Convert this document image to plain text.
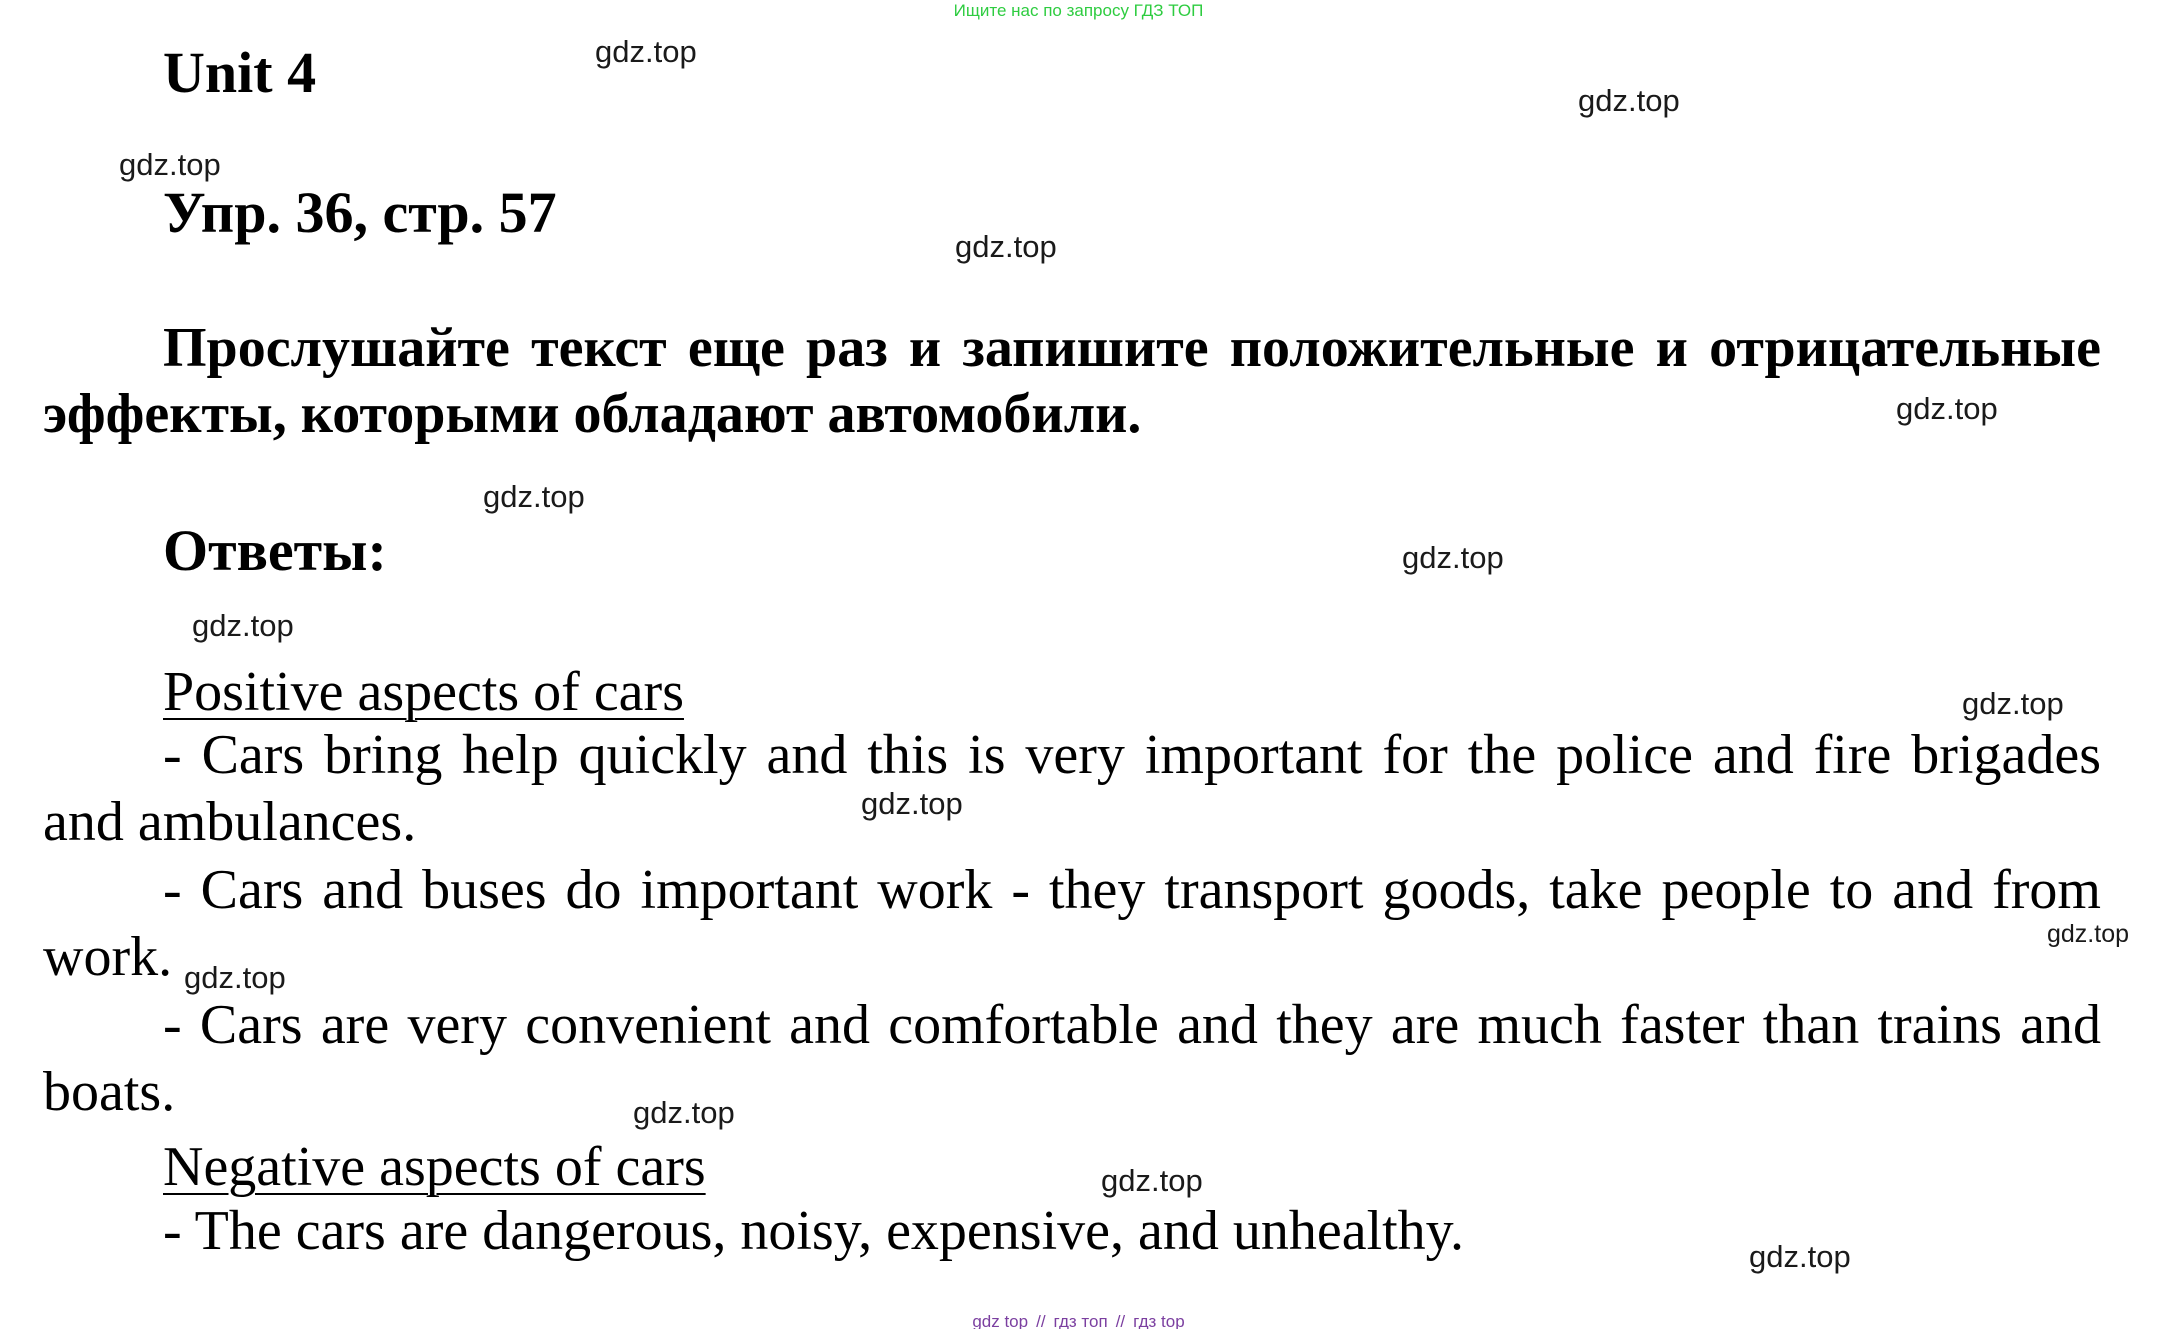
Ищите нас по запросу ГДЗ ТОП
Unit 4
Упр. 36, стр. 57

Прослушайте текст еще раз и запишите положительные и отрицательные эффекты, которыми обладают автомобили.

Ответы:
Positive aspects of cars

- Cars bring help quickly and this is very important for the police and fire brigades and ambulances.

- Cars and buses do important work - they transport goods, take people to and from work.

- Cars are very convenient and comfortable and they are much faster than trains and boats.

Negative aspects of cars

- The cars are dangerous, noisy, expensive, and unhealthy.

gdz.top
gdz.top
gdz.top
gdz.top
gdz.top
gdz.top
gdz.top
gdz.top
gdz.top
gdz.top
gdz.top
gdz.top
gdz.top
gdz.top
gdz.top
gdz top // гдз топ // гдз top
